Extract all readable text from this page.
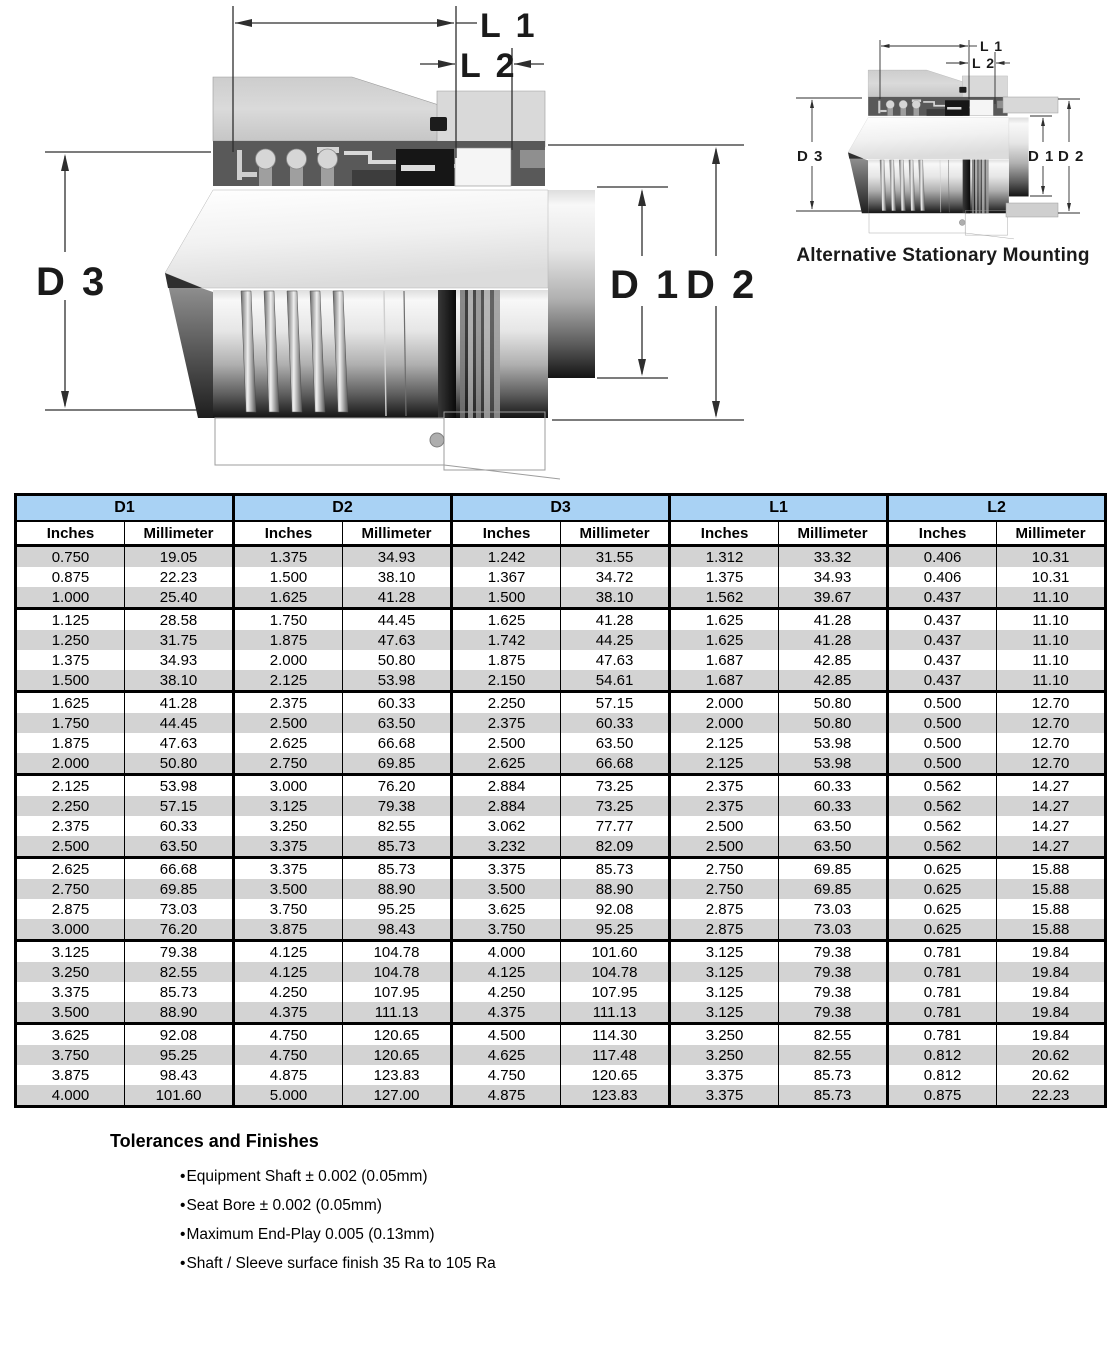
L 1
L 2
D 3	D 1 D 2
L 1
L 2
D 3	D 1 D 2
Alternative Stationary Mounting
D1		D2		D3		L1		L2	
Inches	Millimeter	Inches	Millimeter	Inches	Millimeter	Inches	Millimeter	Inches	Millimeter
0.750	19.05	1.375	34.93	1.242	31.55	1.312	33.32	0.406	10.31
0.875	22.23	1.500	38.10	1.367	34.72	1.375	34.93	0.406	10.31
1.000	25.40	1.625	41.28	1.500	38.10	1.562	39.67	0.437	11.10
1.125	28.58	1.750	44.45	1.625	41.28	1.625	41.28	0.437	11.10
1.250	31.75	1.875	47.63	1.742	44.25	1.625	41.28	0.437	11.10
1.375	34.93	2.000	50.80	1.875	47.63	1.687	42.85	0.437	11.10
1.500	38.10	2.125	53.98	2.150	54.61	1.687	42.85	0.437	11.10
1.625	41.28	2.375	60.33	2.250	57.15	2.000	50.80	0.500	12.70
1.750	44.45	2.500	63.50	2.375	60.33	2.000	50.80	0.500	12.70
1.875	47.63	2.625	66.68	2.500	63.50	2.125	53.98	0.500	12.70
2.000	50.80	2.750	69.85	2.625	66.68	2.125	53.98	0.500	12.70
2.125	53.98	3.000	76.20	2.884	73.25	2.375	60.33	0.562	14.27
2.250	57.15	3.125	79.38	2.884	73.25	2.375	60.33	0.562	14.27
2.375	60.33	3.250	82.55	3.062	77.77	2.500	63.50	0.562	14.27
2.500	63.50	3.375	85.73	3.232	82.09	2.500	63.50	0.562	14.27
2.625	66.68	3.375	85.73	3.375	85.73	2.750	69.85	0.625	15.88
2.750	69.85	3.500	88.90	3.500	88.90	2.750	69.85	0.625	15.88
2.875	73.03	3.750	95.25	3.625	92.08	2.875	73.03	0.625	15.88
3.000	76.20	3.875	98.43	3.750	95.25	2.875	73.03	0.625	15.88
3.125	79.38	4.125	104.78	4.000	101.60	3.125	79.38	0.781	19.84
3.250	82.55	4.125	104.78	4.125	104.78	3.125	79.38	0.781	19.84
3.375	85.73	4.250	107.95	4.250	107.95	3.125	79.38	0.781	19.84
3.500	88.90	4.375	111.13	4.375	111.13	3.125	79.38	0.781	19.84
3.625	92.08	4.750	120.65	4.500	114.30	3.250	82.55	0.781	19.84
3.750	95.25	4.750	120.65	4.625	117.48	3.250	82.55	0.812	20.62
3.875	98.43	4.875	123.83	4.750	120.65	3.375	85.73	0.812	20.62
4.000	101.60	5.000	127.00	4.875	123.83	3.375	85.73	0.875	22.23
Tolerances and Finishes
• Equipment Shaft ± 0.002 (0.05mm)
• Seat Bore ± 0.002 (0.05mm)
• Maximum End-Play 0.005 (0.13mm)
• Shaft / Sleeve surface finish 35 Ra to 105 Ra
